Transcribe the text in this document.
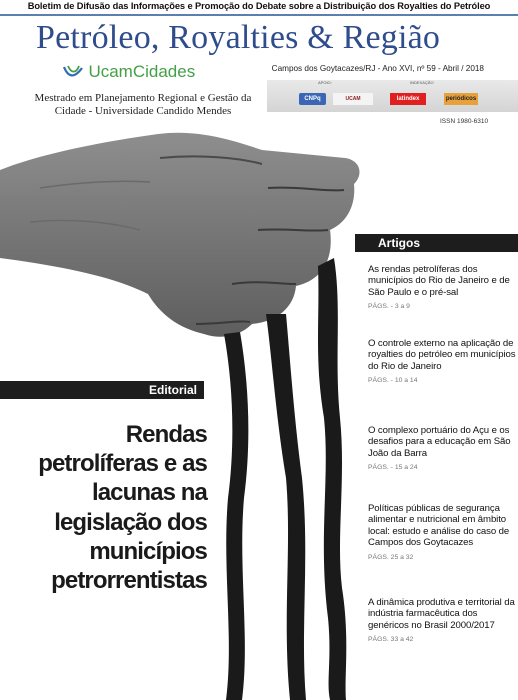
Boletim de Difusão das Informações e Promoção do Debate sobre a Distribuição dos Royalties do Petróleo
Petróleo, Royalties & Região
UcamCidades
Mestrado em Planejamento Regional e Gestão da Cidade - Universidade Candido Mendes
Campos dos Goytacazes/RJ - Ano XVI, nº 59 - Abril / 2018
APOIO:	INDEXAÇÃO
CNPq	UCAM	latindex	periódicos
ISSN 1980-6310
Artigos
As rendas petrolíferas dos municípios do Rio de Janeiro e de São Paulo e o pré-sal
PÁGS. - 3 a 9
O controle externo na aplicação de royalties do petróleo em municípios do Rio de Janeiro
PÁGS. - 10 a 14
O complexo portuário do Açu e os desafios para a educação em São João da Barra
PÁGS. - 15 a 24
Políticas públicas de segurança alimentar e nutricional em âmbito local: estudo e análise do caso de Campos dos Goytacazes
PÁGS. 25 a 32
A dinâmica produtiva e territorial da indústria farmacêutica dos genéricos no Brasil 2000/2017
PÁGS. 33 a 42
Editorial
Rendas petrolíferas e as lacunas na legislação dos municípios petrorrentistas
